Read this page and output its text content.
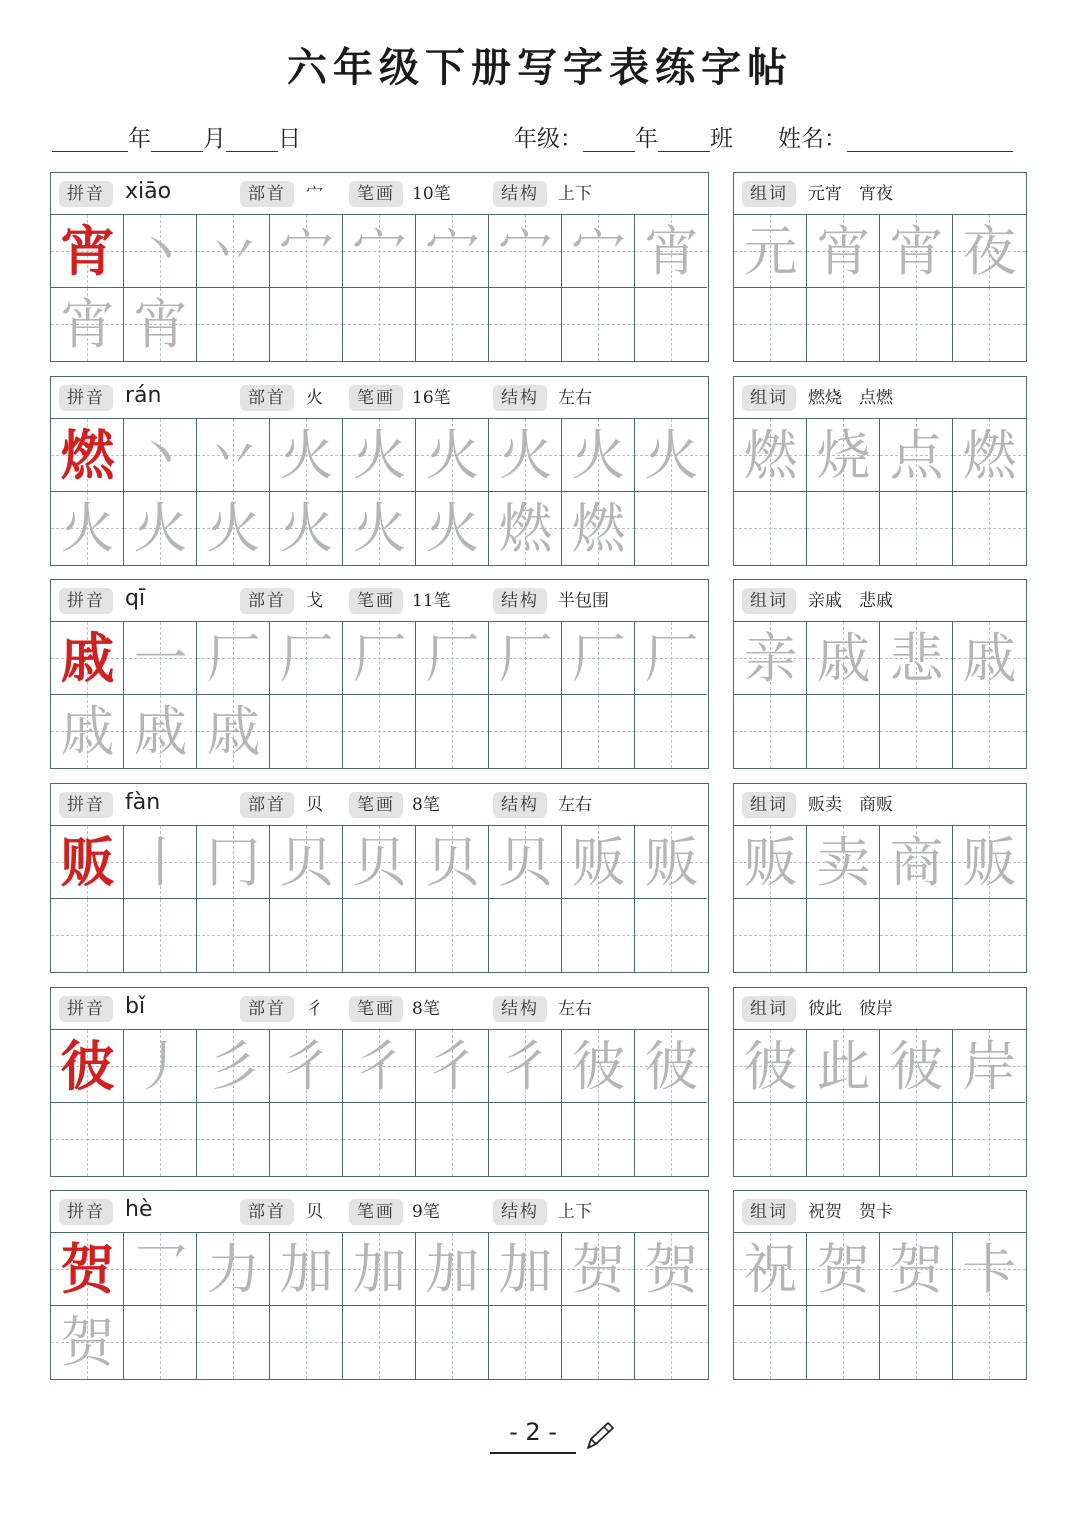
六年级下册写字表练字帖
年 月 日	年级： 年 班 姓名：
拼音 xiāo	部首	宀	笔画	10笔	结构	上下
宵 丶 丷 宀 宀 宀 宀 宀 宵
宵 宵
组词	元宵　宵夜
元 宵 宵 夜
拼音 rán	部首	火	笔画	16笔	结构	左右
燃 丶 丷 火 火 火 火 火 火
火 火 火 火 火 火 燃 燃
组词	燃烧　点燃
燃 烧 点 燃
拼音 qī	部首	戈	笔画	11笔	结构	半包围
戚 一 厂 厂 厂 厂 厂 厂 厂
戚 戚 戚
组词	亲戚　悲戚
亲 戚 悲 戚
拼音 fàn	部首	贝	笔画	8笔	结构	左右
贩 丨 冂 贝 贝 贝 贝 贩 贩
组词	贩卖　商贩
贩 卖 商 贩
拼音 bǐ	部首	彳	笔画	8笔	结构	左右
彼 丿 彡 彳 彳 彳 彳 彼 彼
组词	彼此　彼岸
彼 此 彼 岸
拼音 hè	部首	贝	笔画	9笔	结构	上下
贺 乛 力 加 加 加 加 贺 贺
贺
组词	祝贺　贺卡
祝 贺 贺 卡
- 2 -
